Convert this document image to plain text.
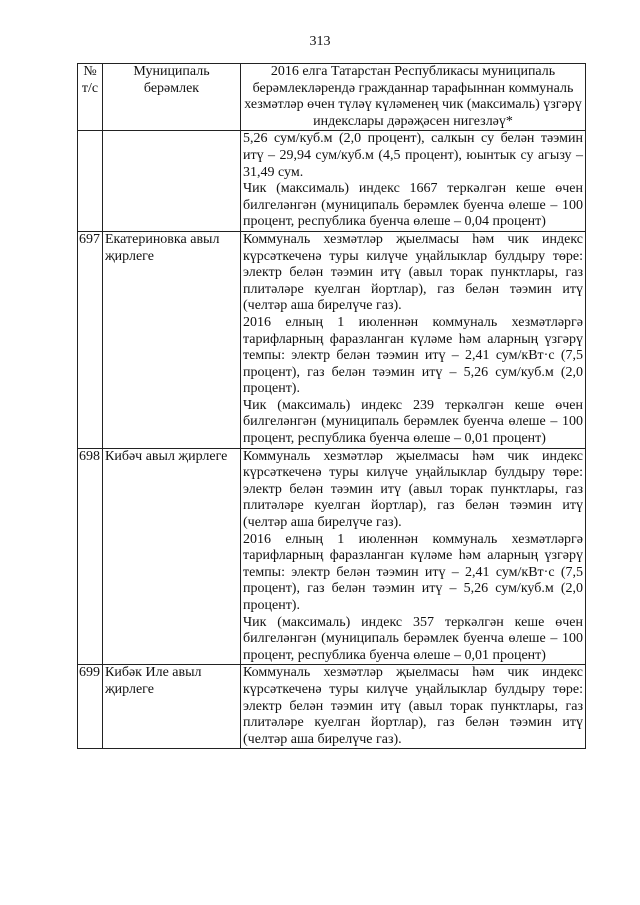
313
№ т/с	Муниципаль берәмлек	2016 елга Татарстан Республикасы муниципаль берәмлекләрендә гражданнар тарафыннан коммуналь хезмәтләр өчен түләү күләменең чик (максималь) үзгәрү индекслары дәрәҗәсен нигезләү*

		5,26 сум/куб.м (2,0 процент), салкын су белән тәэмин итү – 29,94 сум/куб.м (4,5 процент), юынтык су агызу – 31,49 сум.

Чик (максималь) индекс 1667 теркәлгән кеше өчен билгеләнгән (муниципаль берәмлек буенча өлеше – 100 процент, республика буенча өлеше – 0,04 процент)

697	Екатериновка авыл җирлеге	Коммуналь хезмәтләр җыелмасы һәм чик индекс күрсәткеченә туры килүче уңайлыклар булдыру төре: электр белән тәэмин итү (авыл торак пунктлары, газ плитәләре куелган йортлар), газ белән тәэмин итү (чeлтәр аша бирелүче газ).

2016 елның 1 июленнән коммуналь хезмәтләргә тарифларның фаразланган күләме һәм аларның үзгәрү темпы: электр белән тәэмин итү – 2,41 сум/кВт·с (7,5 процент), газ белән тәэмин итү – 5,26 сум/куб.м (2,0 процент).

Чик (максималь) индекс 239 теркәлгән кеше өчен билгеләнгән (муниципаль берәмлек буенча өлеше – 100 процент, республика буенча өлеше – 0,01 процент)

698	Кибәч авыл җирлеге	Коммуналь хезмәтләр җыелмасы һәм чик индекс күрсәткеченә туры килүче уңайлыклар булдыру төре: электр белән тәэмин итү (авыл торак пунктлары, газ плитәләре куелган йортлар), газ белән тәэмин итү (челтәр аша бирелүче газ).

2016 елның 1 июленнән коммуналь хезмәтләргә тарифларның фаразланган күләме һәм аларның үзгәрү темпы: электр белән тәэмин итү – 2,41 сум/кВт·с (7,5 процент), газ белән тәэмин итү – 5,26 сум/куб.м (2,0 процент).

Чик (максималь) индекс 357 теркәлгән кеше өчен билгеләнгән (муниципаль берәмлек буенча өлеше – 100 процент, республика буенча өлеше – 0,01 процент)

699	Кибәк Иле авыл җирлеге	Коммуналь хезмәтләр җыелмасы һәм чик индекс күрсәткеченә туры килүче уңайлыклар булдыру төре: электр белән тәэмин итү (авыл торак пунктлары, газ плитәләре куелган йортлар), газ белән тәэмин итү (челтәр аша бирелүче газ).
